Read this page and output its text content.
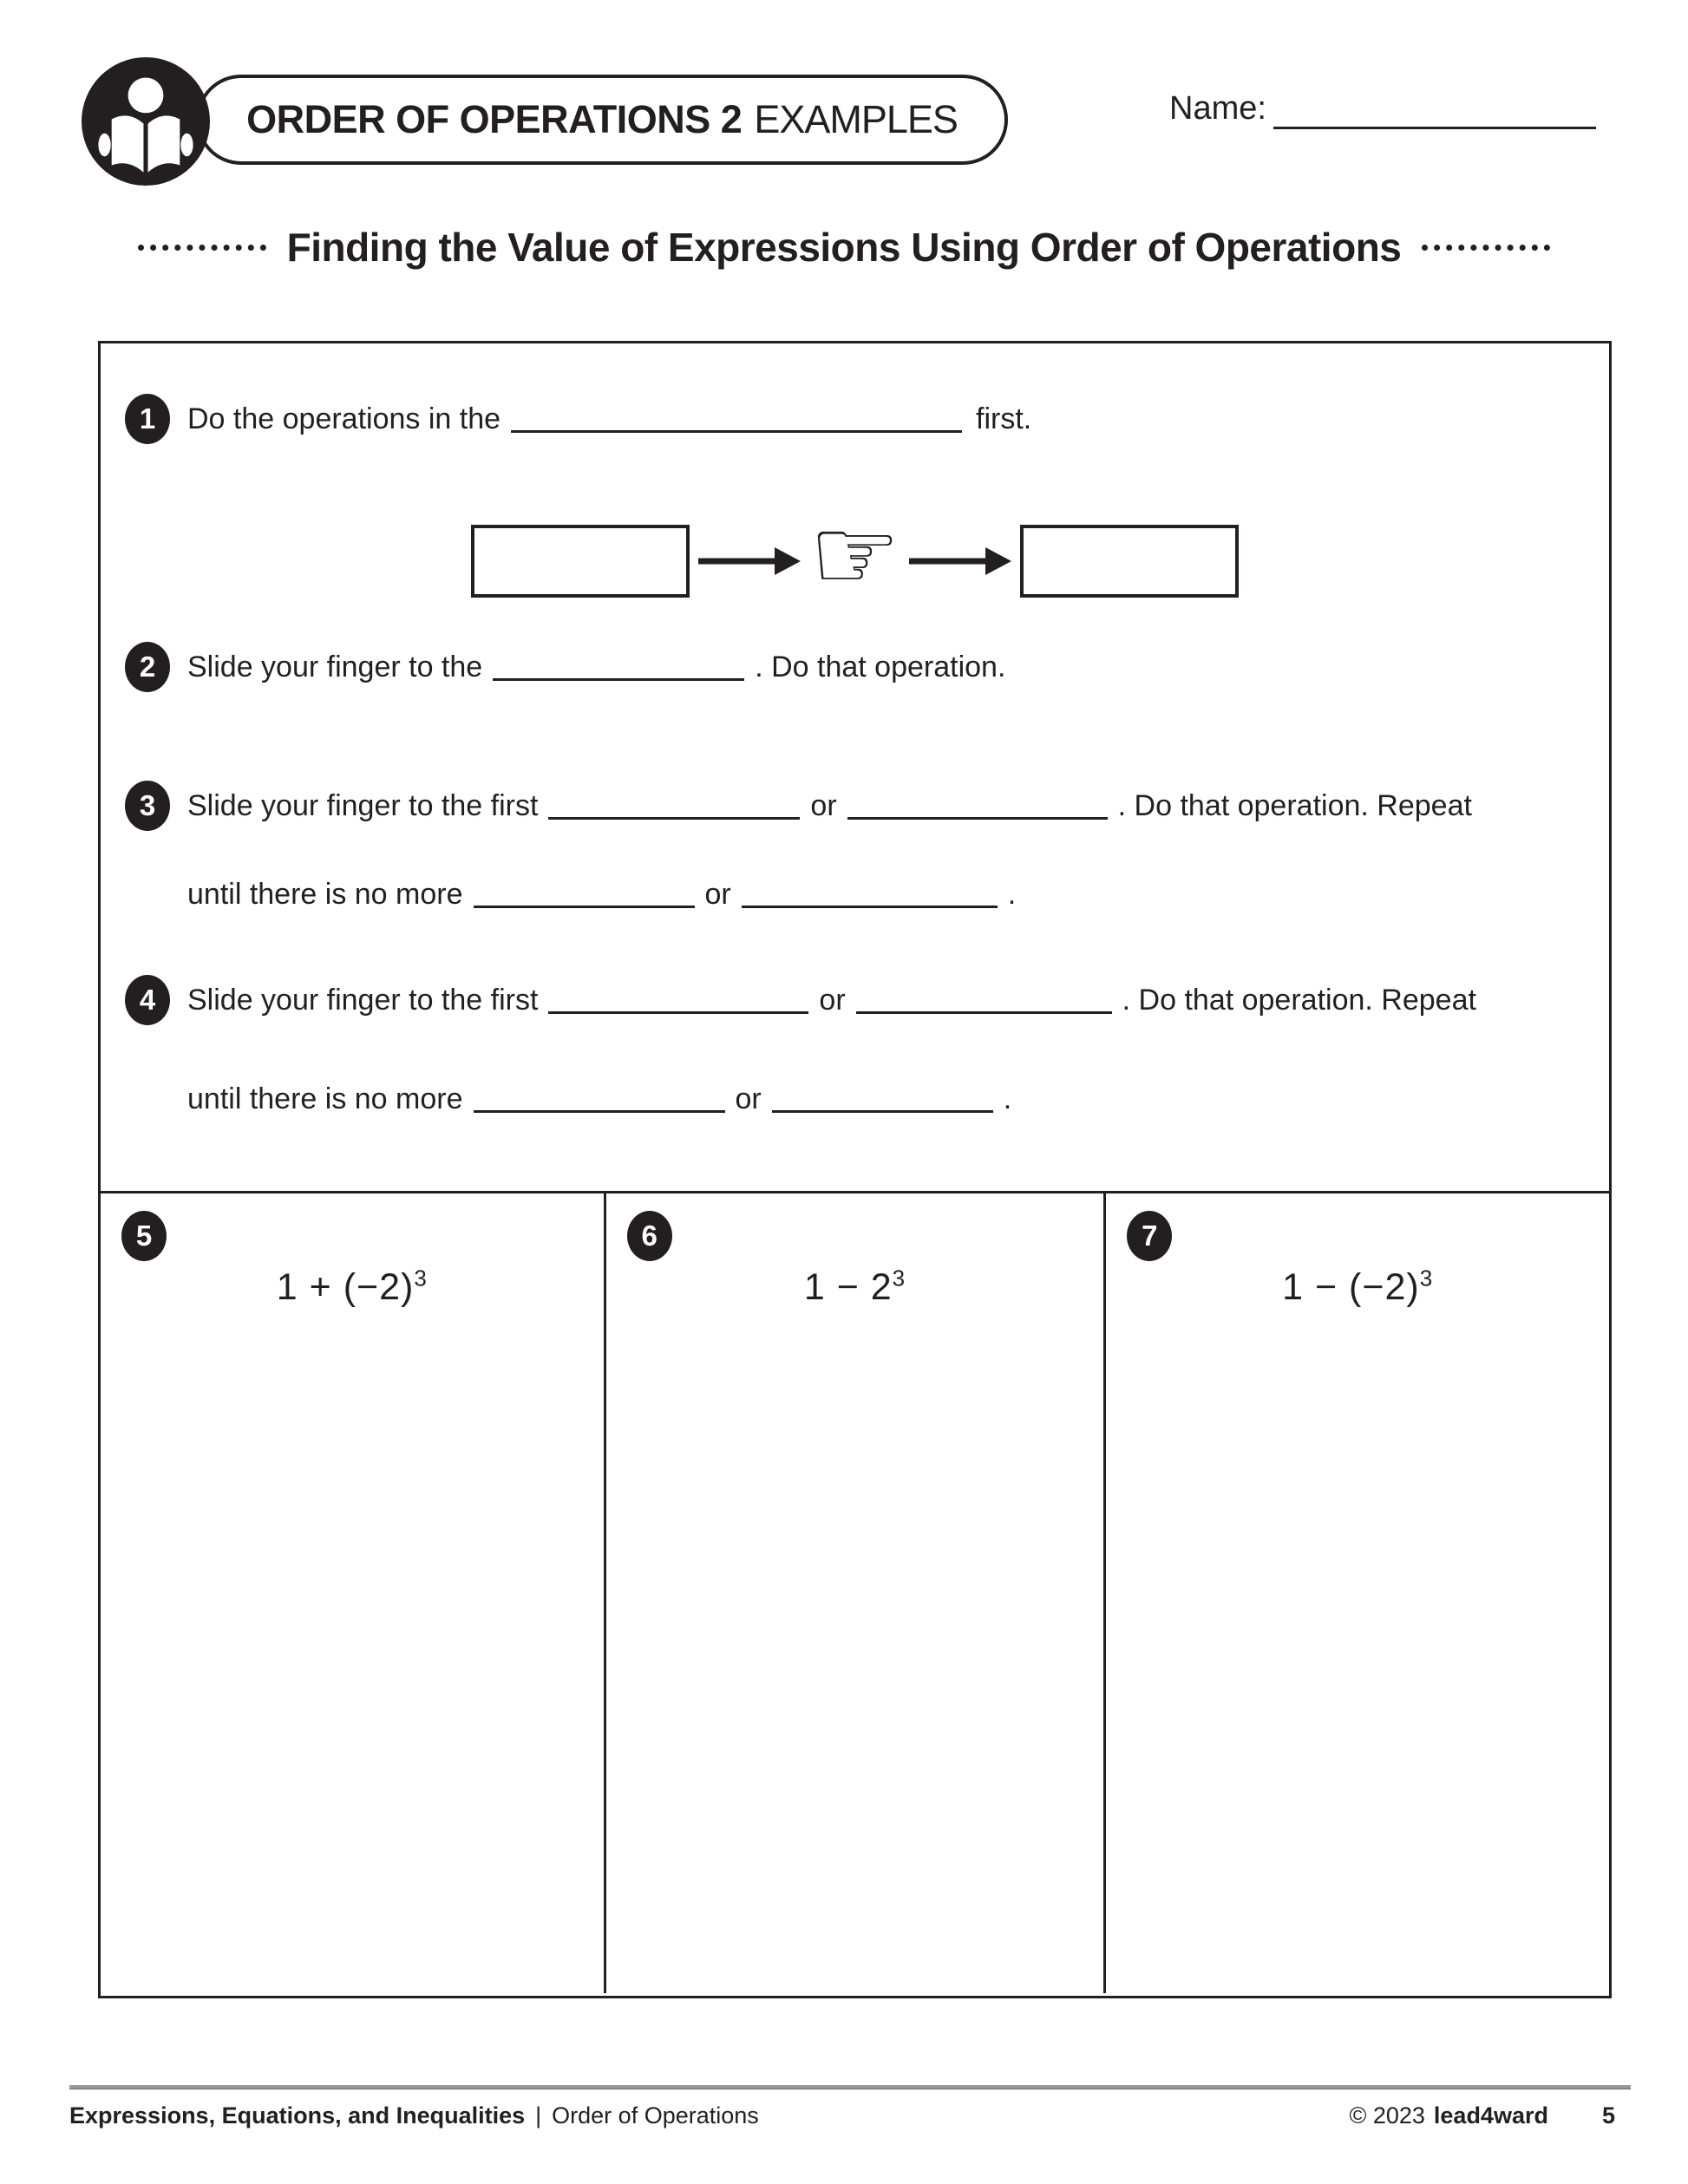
ORDER OF OPERATIONS 2 EXAMPLES	Name:
Finding the Value of Expressions Using Order of Operations
1	Do the operations in the	first.
☞
2	Slide your finger to the	. Do that operation.
3	Slide your finger to the first	or	. Do that operation. Repeat
until there is no more	or	.
4	Slide your finger to the first	or	. Do that operation. Repeat
until there is no more	or	.
5
$1 + (-2)^3$
6
$1 - 2^3$
7
$1 - (-2)^3$
Expressions, Equations, and Inequalities | Order of Operations	© 2023 lead4ward 5
